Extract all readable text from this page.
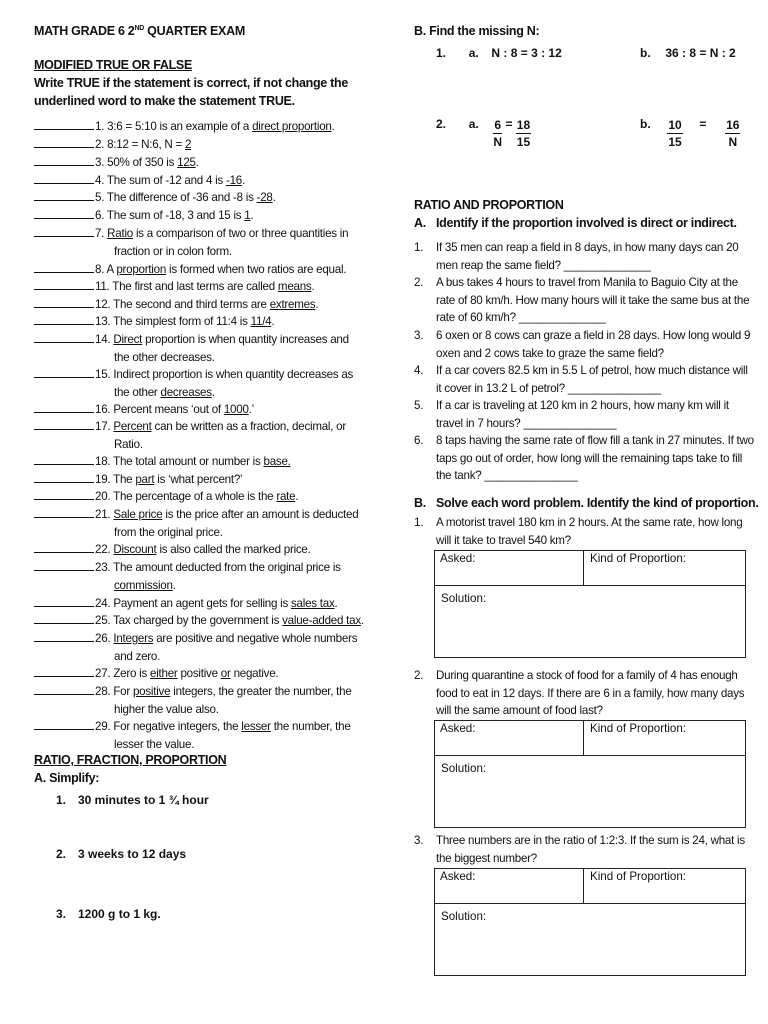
MATH GRADE 6 2ND QUARTER EXAM
MODIFIED TRUE OR FALSE
Write TRUE if the statement is correct, if not change the
underlined word to make the statement TRUE.
1. 3:6 = 5:10 is an example of a direct proportion.
2. 8:12 = N:6, N = 2
3. 50% of 350 is 125.
4. The sum of -12 and 4 is -16.
5. The difference of -36 and -8 is -28.
6. The sum of -18, 3 and 15 is 1.
7. Ratio is a comparison of two or three quantities in
fraction or in colon form.
8. A proportion is formed when two ratios are equal.
11. The first and last terms are called means.
12. The second and third terms are extremes.
13. The simplest form of 11:4 is 11/4.
14. Direct proportion is when quantity increases and
the other decreases.
15. Indirect proportion is when quantity decreases as
the other decreases.
16. Percent means ‘out of 1000.’
17. Percent can be written as a fraction, decimal, or
Ratio.
18. The total amount or number is base.
19. The part is ‘what percent?’
20. The percentage of a whole is the rate.
21. Sale price is the price after an amount is deducted
from the original price.
22. Discount is also called the marked price.
23. The amount deducted from the original price is
commission.
24. Payment an agent gets for selling is sales tax.
25. Tax charged by the government is value-added tax.
26. Integers are positive and negative whole numbers
and zero.
27. Zero is either positive or negative.
28. For positive integers, the greater the number, the
higher the value also.
29. For negative integers, the lesser the number, the
lesser the value.
RATIO, FRACTION, PROPORTION
A. Simplify:
1. 30 minutes to 1 ¾ hour
2. 3 weeks to 12 days
3. 1200 g to 1 kg.
B. Find the missing N:
1. a. N : 8 = 3 : 12	b. 36 : 8 = N : 2
2. a. $\frac{6}{N} = \frac{18}{15}$	b. $\frac{10}{15} = \frac{16}{N}$
RATIO AND PROPORTION
A. Identify if the proportion involved is direct or indirect.
1.	If 35 men can reap a field in 8 days, in how many days can 20 men reap the same field? ______________
2.	A bus takes 4 hours to travel from Manila to Baguio City at the rate of 80 km/h. How many hours will it take the same bus at the rate of 60 km/h? ______________
3.	6 oxen or 8 cows can graze a field in 28 days. How long would 9 oxen and 2 cows take to graze the same field?
4.	If a car covers 82.5 km in 5.5 L of petrol, how much distance will it cover in 13.2 L of petrol? _______________
5.	If a car is traveling at 120 km in 2 hours, how many km will it travel in 7 hours? _______________
6.	8 taps having the same rate of flow fill a tank in 27 minutes. If two taps go out of order, how long will the remaining taps take to fill the tank? _______________
B. Solve each word problem. Identify the kind of proportion.
1.	A motorist travel 180 km in 2 hours. At the same rate, how long will it take to travel 540 km?
Asked:	Kind of Proportion:
Solution:
2.	During quarantine a stock of food for a family of 4 has enough food to eat in 12 days. If there are 6 in a family, how many days will the same amount of food last?
Asked:	Kind of Proportion:
Solution:
3.	Three numbers are in the ratio of 1:2:3. If the sum is 24, what is the biggest number?
Asked:	Kind of Proportion:
Solution:
